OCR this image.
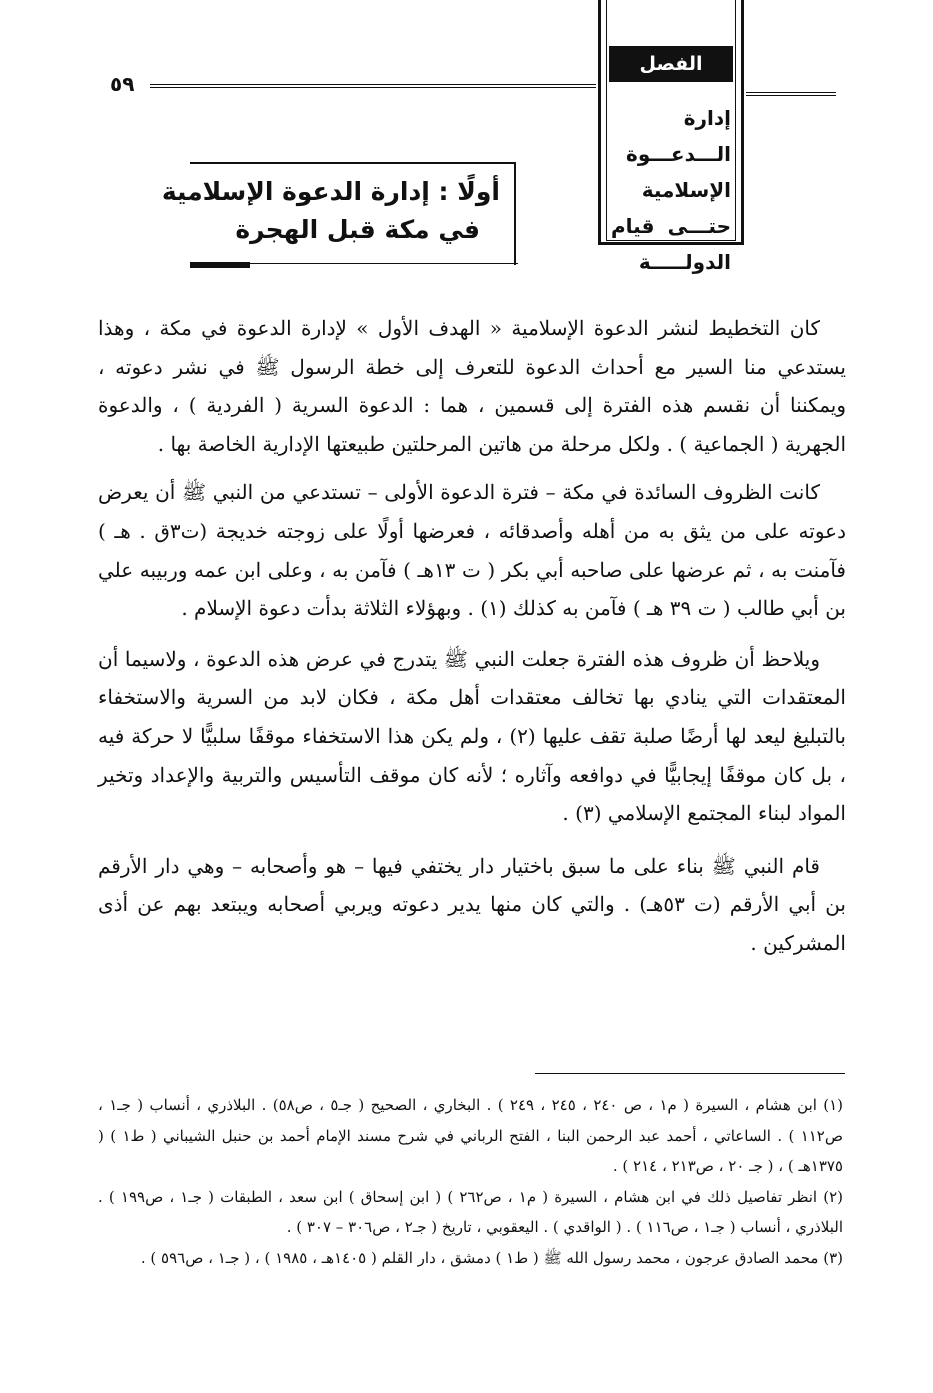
الفصل الثاني
إدارة الـــدعـــوة الإسلامية حتـــى قيام الدولـــــة
٥٩
أولًا : إدارة الدعوة الإسلامية
في مكة قبل الهجرة

كان التخطيط لنشر الدعوة الإسلامية « الهدف الأول » لإدارة الدعوة في مكة ، وهذا يستدعي منا السير مع أحداث الدعوة للتعرف إلى خطة الرسول ﷺ في نشر دعوته ، ويمكننا أن نقسم هذه الفترة إلى قسمين ، هما : الدعوة السرية ( الفردية ) ، والدعوة الجهرية ( الجماعية ) . ولكل مرحلة من هاتين المرحلتين طبيعتها الإدارية الخاصة بها .

كانت الظروف السائدة في مكة – فترة الدعوة الأولى – تستدعي من النبي ﷺ أن يعرض دعوته على من يثق به من أهله وأصدقائه ، فعرضها أولًا على زوجته خديجة (ت٣ق . هـ ) فآمنت به ، ثم عرضها على صاحبه أبي بكر ( ت ١٣هـ ) فآمن به ، وعلى ابن عمه وربيبه علي بن أبي طالب ( ت ٣٩ هـ ) فآمن به كذلك (١) . وبهؤلاء الثلاثة بدأت دعوة الإسلام .

ويلاحظ أن ظروف هذه الفترة جعلت النبي ﷺ يتدرج في عرض هذه الدعوة ، ولاسيما أن المعتقدات التي ينادي بها تخالف معتقدات أهل مكة ، فكان لابد من السرية والاستخفاء بالتبليغ ليعد لها أرضًا صلبة تقف عليها (٢) ، ولم يكن هذا الاستخفاء موقفًا سلبيًّا لا حركة فيه ، بل كان موقفًا إيجابيًّا في دوافعه وآثاره ؛ لأنه كان موقف التأسيس والتربية والإعداد وتخير المواد لبناء المجتمع الإسلامي (٣) .

قام النبي ﷺ بناء على ما سبق باختيار دار يختفي فيها – هو وأصحابه – وهي دار الأرقم بن أبي الأرقم (ت ٥٣هـ) . والتي كان منها يدير دعوته ويربي أصحابه ويبتعد بهم عن أذى المشركين .

(١) ابن هشام ، السيرة ( م١ ، ص ٢٤٠ ، ٢٤٥ ، ٢٤٩ ) . البخاري ، الصحيح ( جـ٥ ، ص٥٨) . البلاذري ، أنساب ( جـ١ ، ص١١٢ ) . الساعاتي ، أحمد عبد الرحمن البنا ، الفتح الرباني في شرح مسند الإمام أحمد بن حنبل الشيباني ( ط١ ) ( ١٣٧٥هـ ) ، ( جـ ٢٠ ، ص٢١٣ ، ٢١٤ ) .

(٢) انظر تفاصيل ذلك في ابن هشام ، السيرة ( م١ ، ص٢٦٢ ) ( ابن إسحاق ) ابن سعد ، الطبقات ( جـ١ ، ص١٩٩ ) . البلاذري ، أنساب ( جـ١ ، ص١١٦ ) . ( الواقدي ) . اليعقوبي ، تاريخ ( جـ٢ ، ص٣٠٦ – ٣٠٧ ) .

(٣) محمد الصادق عرجون ، محمد رسول الله ﷺ ( ط١ ) دمشق ، دار القلم ( ١٤٠٥هـ ، ١٩٨٥ ) ، ( جـ١ ، ص٥٩٦ ) .
